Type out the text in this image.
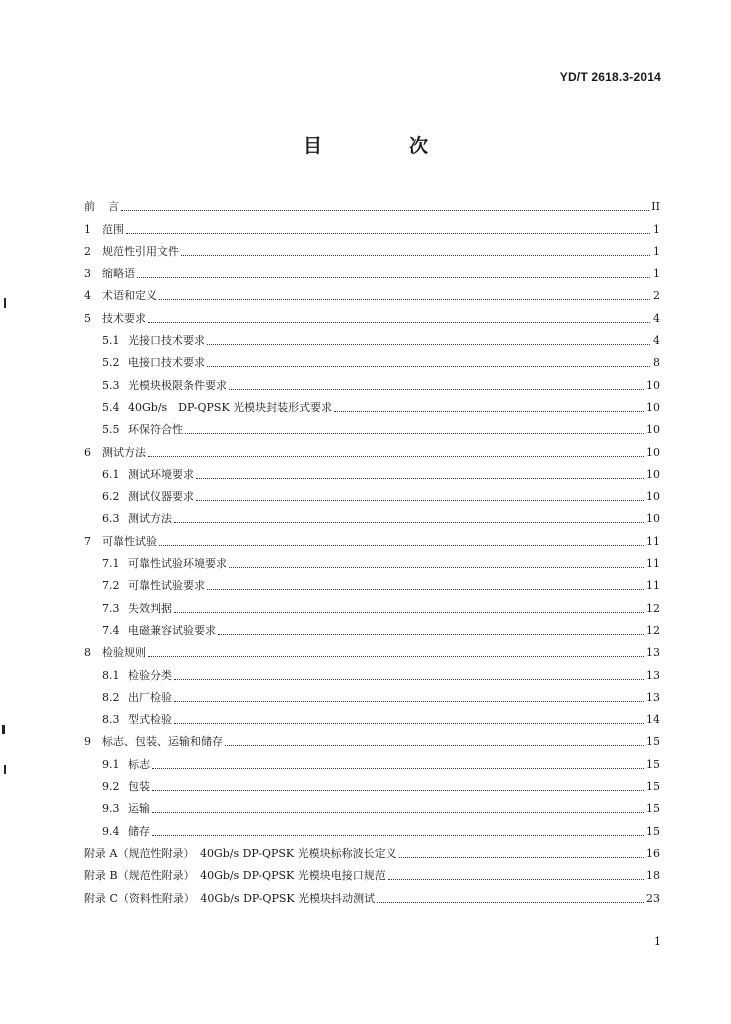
YD/T 2618.3-2014
目　次
前	言	II
1	范围	1
2	规范性引用文件	1
3	缩略语	1
4	术语和定义	2
5	技术要求	4
5.1 光接口技术要求	4
5.2 电接口技术要求	8
5.3 光模块极限条件要求	10
5.4 40Gb/s　DP-QPSK 光模块封装形式要求	10
5.5 环保符合性	10
6	测试方法	10
6.1 测试环境要求	10
6.2 测试仪器要求	10
6.3 测试方法	10
7	可靠性试验	11
7.1 可靠性试验环境要求	11
7.2 可靠性试验要求	11
7.3 失效判据	12
7.4 电磁兼容试验要求	12
8	检验规则	13
8.1 检验分类	13
8.2 出厂检验	13
8.3 型式检验	14
9	标志、包装、运输和储存	15
9.1 标志	15
9.2 包装	15
9.3 运输	15
9.4 储存	15
附录 A（规范性附录）　40Gb/s DP-QPSK 光模块标称波长定义	16
附录 B（规范性附录）　40Gb/s DP-QPSK 光模块电接口规范	18
附录 C（资料性附录）　40Gb/s DP-QPSK 光模块抖动测试	23
1
